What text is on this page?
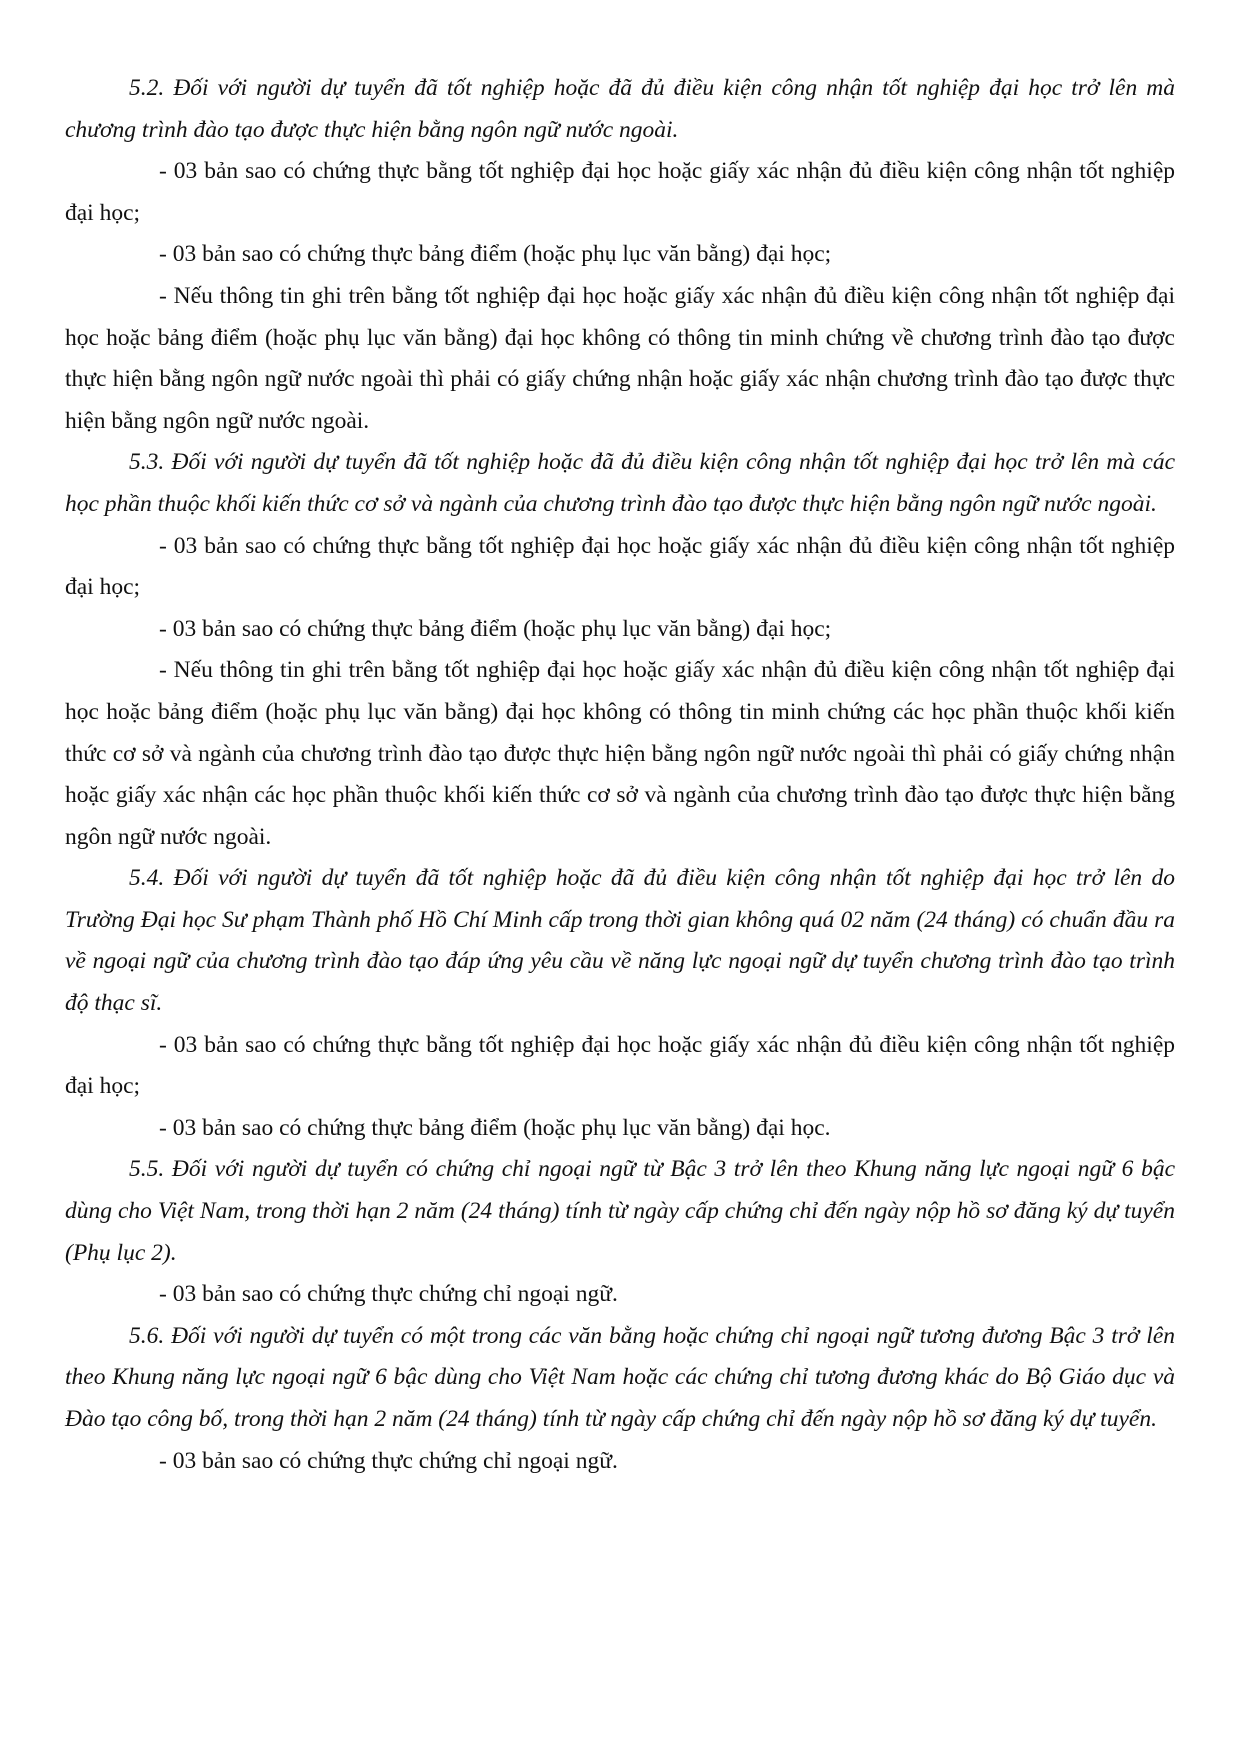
5.2. Đối với người dự tuyển đã tốt nghiệp hoặc đã đủ điều kiện công nhận tốt nghiệp đại học trở lên mà chương trình đào tạo được thực hiện bằng ngôn ngữ nước ngoài.

- 03 bản sao có chứng thực bằng tốt nghiệp đại học hoặc giấy xác nhận đủ điều kiện công nhận tốt nghiệp đại học;

- 03 bản sao có chứng thực bảng điểm (hoặc phụ lục văn bằng) đại học;

- Nếu thông tin ghi trên bằng tốt nghiệp đại học hoặc giấy xác nhận đủ điều kiện công nhận tốt nghiệp đại học hoặc bảng điểm (hoặc phụ lục văn bằng) đại học không có thông tin minh chứng về chương trình đào tạo được thực hiện bằng ngôn ngữ nước ngoài thì phải có giấy chứng nhận hoặc giấy xác nhận chương trình đào tạo được thực hiện bằng ngôn ngữ nước ngoài.

5.3. Đối với người dự tuyển đã tốt nghiệp hoặc đã đủ điều kiện công nhận tốt nghiệp đại học trở lên mà các học phần thuộc khối kiến thức cơ sở và ngành của chương trình đào tạo được thực hiện bằng ngôn ngữ nước ngoài.

- 03 bản sao có chứng thực bằng tốt nghiệp đại học hoặc giấy xác nhận đủ điều kiện công nhận tốt nghiệp đại học;

- 03 bản sao có chứng thực bảng điểm (hoặc phụ lục văn bằng) đại học;

- Nếu thông tin ghi trên bằng tốt nghiệp đại học hoặc giấy xác nhận đủ điều kiện công nhận tốt nghiệp đại học hoặc bảng điểm (hoặc phụ lục văn bằng) đại học không có thông tin minh chứng các học phần thuộc khối kiến thức cơ sở và ngành của chương trình đào tạo được thực hiện bằng ngôn ngữ nước ngoài thì phải có giấy chứng nhận hoặc giấy xác nhận các học phần thuộc khối kiến thức cơ sở và ngành của chương trình đào tạo được thực hiện bằng ngôn ngữ nước ngoài.

5.4. Đối với người dự tuyển đã tốt nghiệp hoặc đã đủ điều kiện công nhận tốt nghiệp đại học trở lên do Trường Đại học Sư phạm Thành phố Hồ Chí Minh cấp trong thời gian không quá 02 năm (24 tháng) có chuẩn đầu ra về ngoại ngữ của chương trình đào tạo đáp ứng yêu cầu về năng lực ngoại ngữ dự tuyển chương trình đào tạo trình độ thạc sĩ.

- 03 bản sao có chứng thực bằng tốt nghiệp đại học hoặc giấy xác nhận đủ điều kiện công nhận tốt nghiệp đại học;

- 03 bản sao có chứng thực bảng điểm (hoặc phụ lục văn bằng) đại học.

5.5. Đối với người dự tuyển có chứng chỉ ngoại ngữ từ Bậc 3 trở lên theo Khung năng lực ngoại ngữ 6 bậc dùng cho Việt Nam, trong thời hạn 2 năm (24 tháng) tính từ ngày cấp chứng chỉ đến ngày nộp hồ sơ đăng ký dự tuyển (Phụ lục 2).

- 03 bản sao có chứng thực chứng chỉ ngoại ngữ.

5.6. Đối với người dự tuyển có một trong các văn bằng hoặc chứng chỉ ngoại ngữ tương đương Bậc 3 trở lên theo Khung năng lực ngoại ngữ 6 bậc dùng cho Việt Nam hoặc các chứng chỉ tương đương khác do Bộ Giáo dục và Đào tạo công bố, trong thời hạn 2 năm (24 tháng) tính từ ngày cấp chứng chỉ đến ngày nộp hồ sơ đăng ký dự tuyển.

- 03 bản sao có chứng thực chứng chỉ ngoại ngữ.
